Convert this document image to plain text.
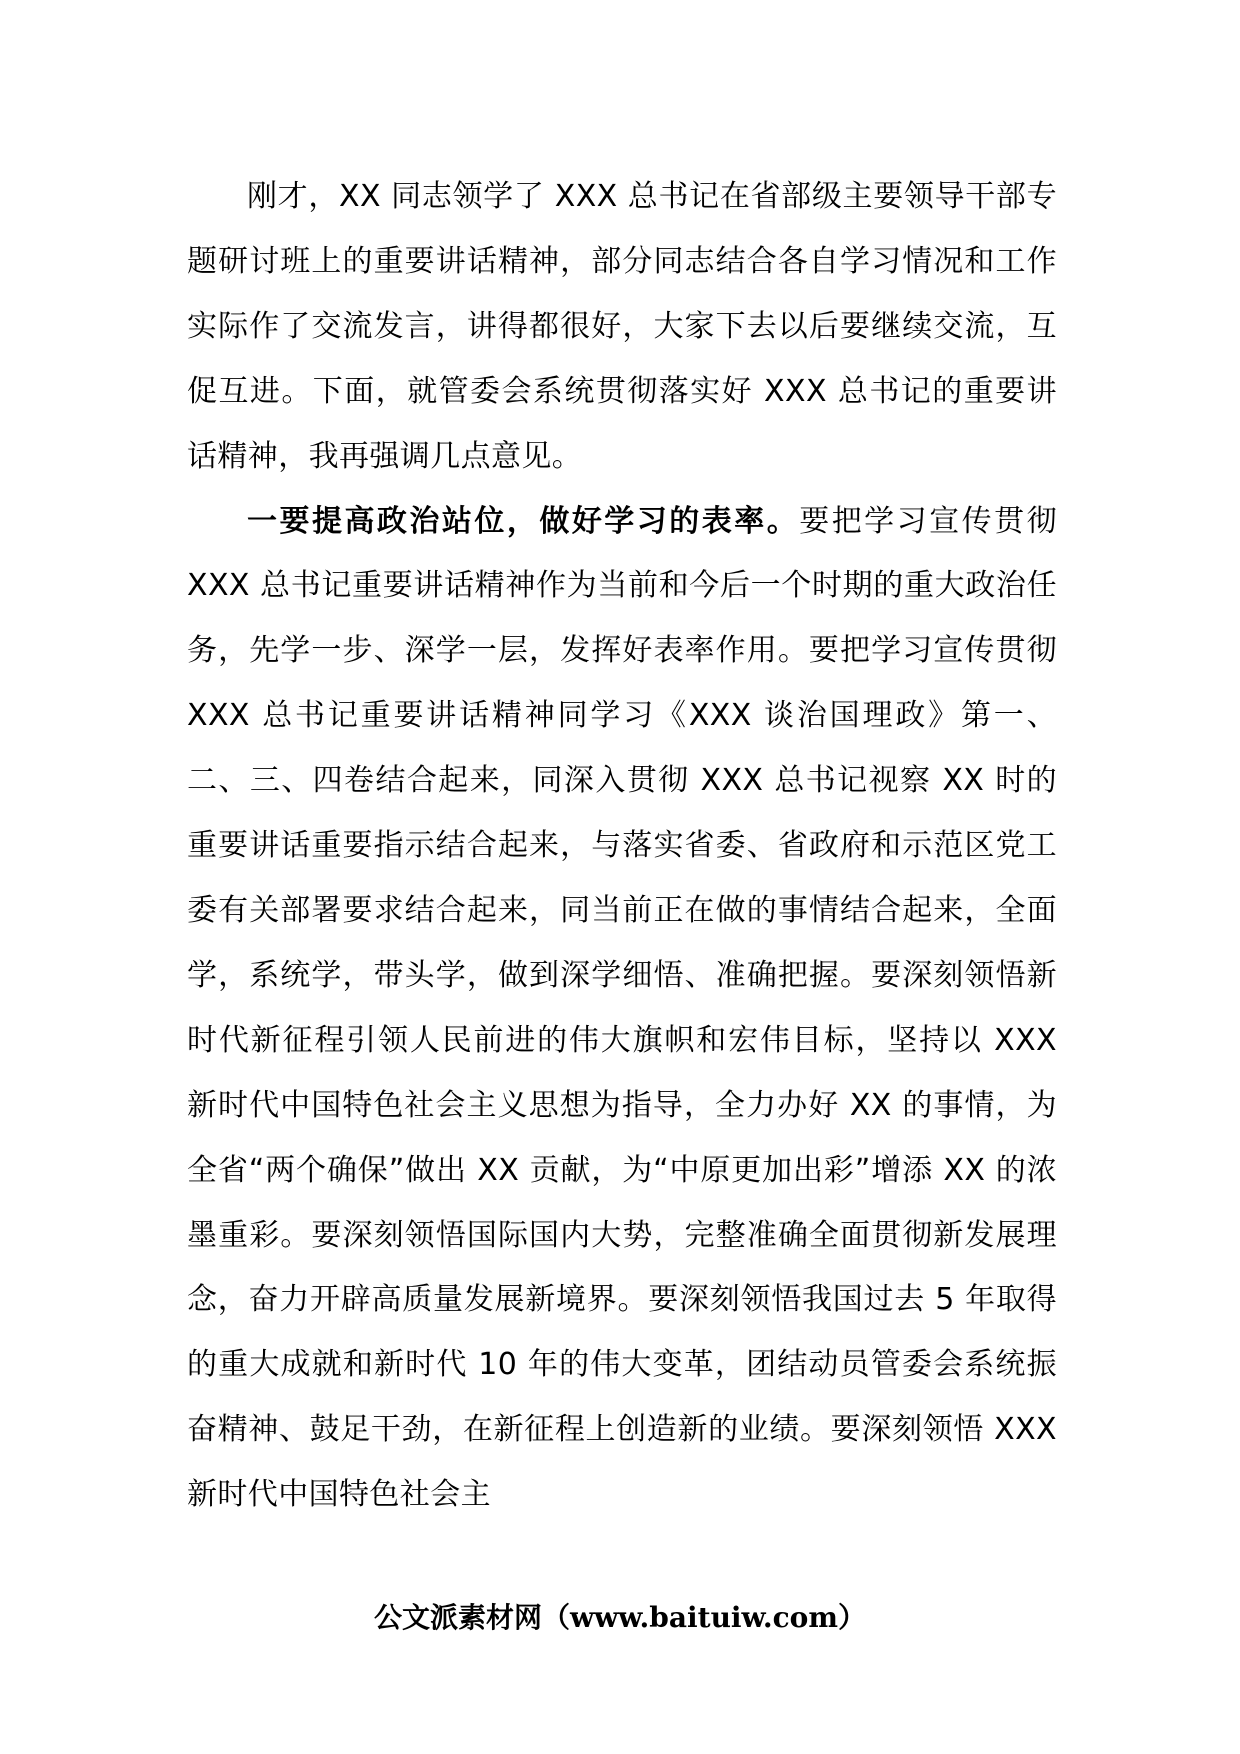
刚才，XX 同志领学了 XXX 总书记在省部级主要领导干部专题研讨班上的重要讲话精神，部分同志结合各自学习情况和工作实际作了交流发言，讲得都很好，大家下去以后要继续交流，互促互进。下面，就管委会系统贯彻落实好 XXX 总书记的重要讲话精神，我再强调几点意见。

一要提高政治站位，做好学习的表率。要把学习宣传贯彻 XXX 总书记重要讲话精神作为当前和今后一个时期的重大政治任务，先学一步、深学一层，发挥好表率作用。要把学习宣传贯彻 XXX 总书记重要讲话精神同学习《XXX 谈治国理政》第一、二、三、四卷结合起来，同深入贯彻 XXX 总书记视察 XX 时的重要讲话重要指示结合起来，与落实省委、省政府和示范区党工委有关部署要求结合起来，同当前正在做的事情结合起来，全面学，系统学，带头学，做到深学细悟、准确把握。要深刻领悟新时代新征程引领人民前进的伟大旗帜和宏伟目标，坚持以 XXX 新时代中国特色社会主义思想为指导，全力办好 XX 的事情，为全省“两个确保”做出 XX 贡献，为“中原更加出彩”增添 XX 的浓墨重彩。要深刻领悟国际国内大势，完整准确全面贯彻新发展理念，奋力开辟高质量发展新境界。要深刻领悟我国过去 5 年取得的重大成就和新时代 10 年的伟大变革，团结动员管委会系统振奋精神、鼓足干劲，在新征程上创造新的业绩。要深刻领悟 XXX 新时代中国特色社会主

公文派素材网（www.baituiw.com）
